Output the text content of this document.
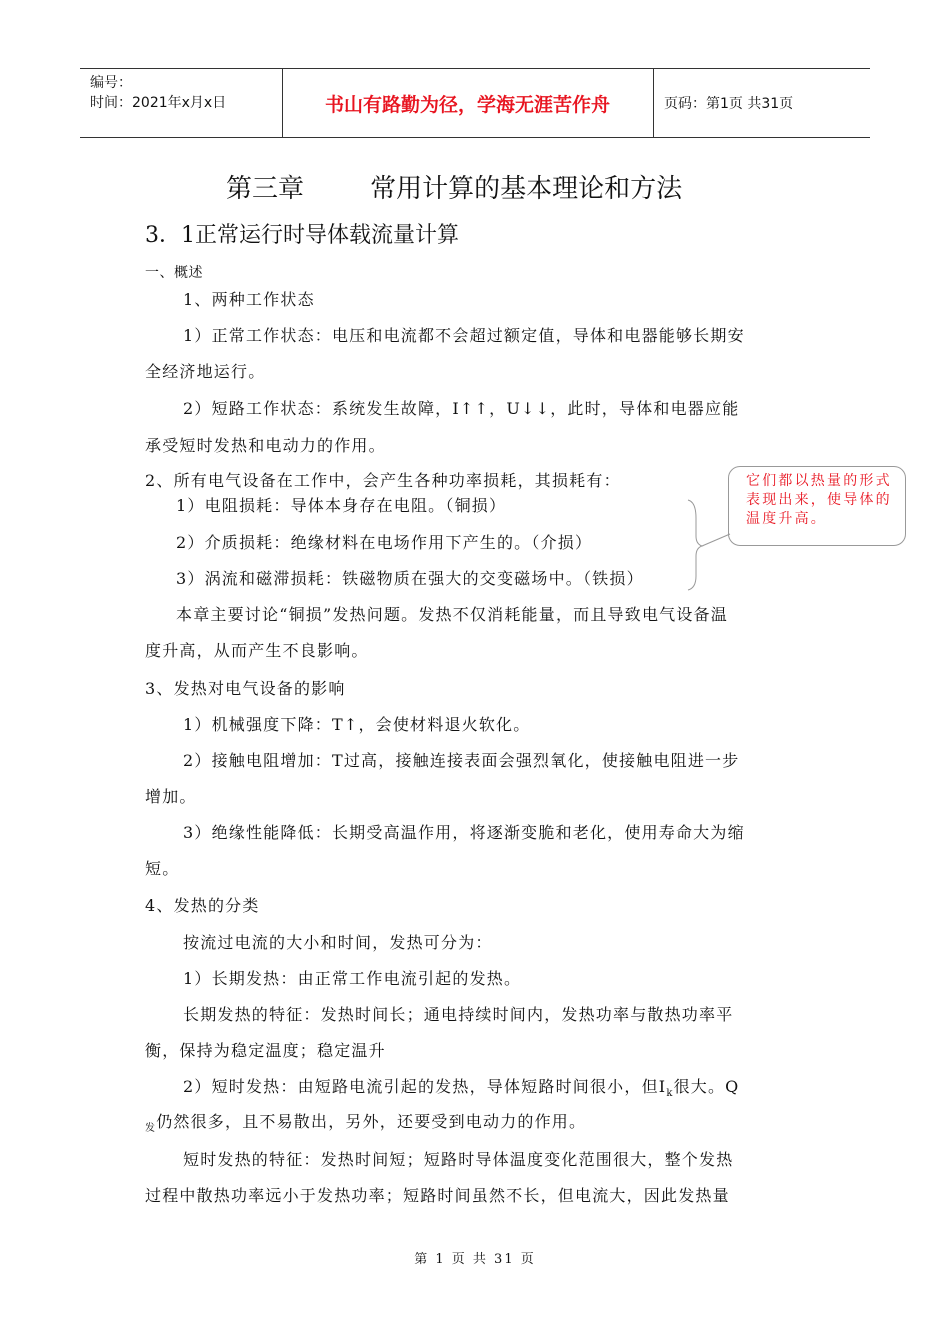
编号：
时间：2021年x月x日	书山有路勤为径，学海无涯苦作舟	页码：第1页 共31页
第三章        常用计算的基本理论和方法
3．1正常运行时导体载流量计算
一、概述
1、两种工作状态
1）正常工作状态：电压和电流都不会超过额定值，导体和电器能够长期安
全经济地运行。
2）短路工作状态：系统发生故障，I↑↑，U↓↓，此时，导体和电器应能
承受短时发热和电动力的作用。
2、所有电气设备在工作中，会产生各种功率损耗，其损耗有：
1）电阻损耗：导体本身存在电阻。（铜损）
2）介质损耗：绝缘材料在电场作用下产生的。（介损）
3）涡流和磁滞损耗：铁磁物质在强大的交变磁场中。（铁损）
本章主要讨论“铜损”发热问题。发热不仅消耗能量，而且导致电气设备温
度升高，从而产生不良影响。
3、发热对电气设备的影响
1）机械强度下降：T↑，会使材料退火软化。
2）接触电阻增加：T过高，接触连接表面会强烈氧化，使接触电阻进一步
增加。
3）绝缘性能降低：长期受高温作用，将逐渐变脆和老化，使用寿命大为缩
短。
4、发热的分类
按流过电流的大小和时间，发热可分为：
1）长期发热：由正常工作电流引起的发热。
长期发热的特征：发热时间长；通电持续时间内，发热功率与散热功率平
衡，保持为稳定温度；稳定温升
2）短时发热：由短路电流引起的发热，导体短路时间很小，但$I_k$很大。Q
$_发$仍然很多，且不易散出，另外，还要受到电动力的作用。
短时发热的特征：发热时间短；短路时导体温度变化范围很大，整个发热
过程中散热功率远小于发热功率；短路时间虽然不长，但电流大，因此发热量
它们都以热量的形式表现出来，使导体的温度升高。
第 1 页 共 31 页
